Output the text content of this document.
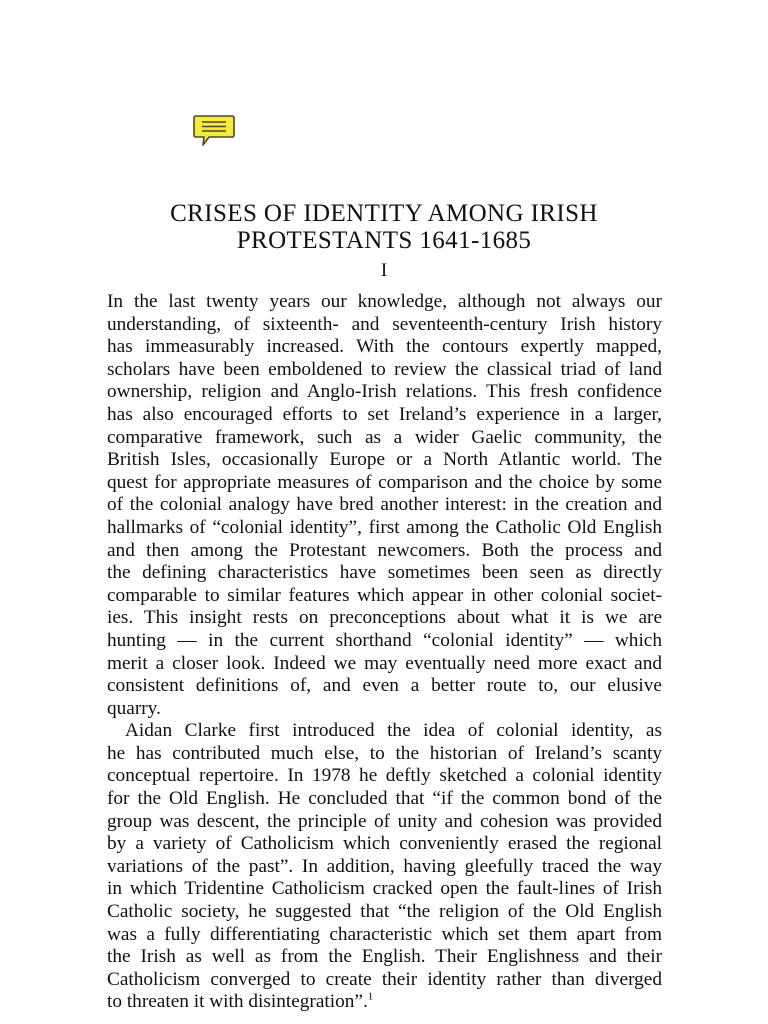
CRISES OF IDENTITY AMONG IRISH
PROTESTANTS 1641-1685
I
In the last twenty years our knowledge, although not always our
understanding, of sixteenth- and seventeenth-century Irish history
has immeasurably increased. With the contours expertly mapped,
scholars have been emboldened to review the classical triad of land
ownership, religion and Anglo-Irish relations. This fresh confidence
has also encouraged efforts to set Ireland’s experience in a larger,
comparative framework, such as a wider Gaelic community, the
British Isles, occasionally Europe or a North Atlantic world. The
quest for appropriate measures of comparison and the choice by some
of the colonial analogy have bred another interest: in the creation and
hallmarks of “colonial identity”, first among the Catholic Old English
and then among the Protestant newcomers. Both the process and
the defining characteristics have sometimes been seen as directly
comparable to similar features which appear in other colonial societ-
ies. This insight rests on preconceptions about what it is we are
hunting — in the current shorthand “colonial identity” — which
merit a closer look. Indeed we may eventually need more exact and
consistent definitions of, and even a better route to, our elusive
quarry.
Aidan Clarke first introduced the idea of colonial identity, as
he has contributed much else, to the historian of Ireland’s scanty
conceptual repertoire. In 1978 he deftly sketched a colonial identity
for the Old English. He concluded that “if the common bond of the
group was descent, the principle of unity and cohesion was provided
by a variety of Catholicism which conveniently erased the regional
variations of the past”. In addition, having gleefully traced the way
in which Tridentine Catholicism cracked open the fault-lines of Irish
Catholic society, he suggested that “the religion of the Old English
was a fully differentiating characteristic which set them apart from
the Irish as well as from the English. Their Englishness and their
Catholicism converged to create their identity rather than diverged
to threaten it with disintegration”.$^1$
